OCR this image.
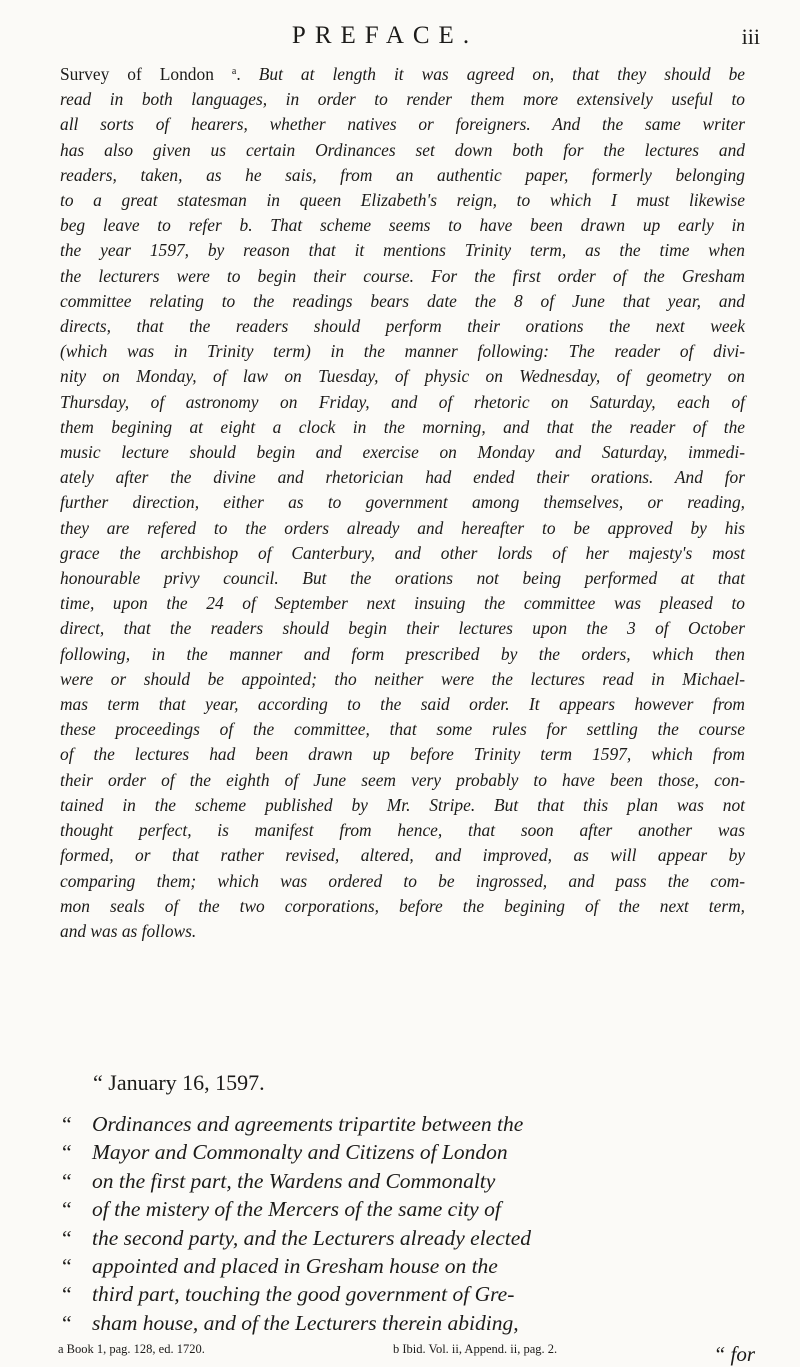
PREFACE.	iii
Survey of London $^a$. But at length it was agreed on, that they should be
read in both languages, in order to render them more extensively useful to
all sorts of hearers, whether natives or foreigners. And the same writer
has also given us certain Ordinances set down both for the lectures and
readers, taken, as he sais, from an authentic paper, formerly belonging
to a great statesman in queen Elizabeth's reign, to which I must likewise
beg leave to refer b. That scheme seems to have been drawn up early in
the year 1597, by reason that it mentions Trinity term, as the time when
the lecturers were to begin their course. For the first order of the Gresham
committee relating to the readings bears date the 8 of June that year, and
directs, that the readers should perform their orations the next week
(which was in Trinity term) in the manner following: The reader of divi-
nity on Monday, of law on Tuesday, of physic on Wednesday, of geometry on
Thursday, of astronomy on Friday, and of rhetoric on Saturday, each of
them begining at eight a clock in the morning, and that the reader of the
music lecture should begin and exercise on Monday and Saturday, immedi-
ately after the divine and rhetorician had ended their orations. And for
further direction, either as to government among themselves, or reading,
they are refered to the orders already and hereafter to be approved by his
grace the archbishop of Canterbury, and other lords of her majesty's most
honourable privy council. But the orations not being performed at that
time, upon the 24 of September next insuing the committee was pleased to
direct, that the readers should begin their lectures upon the 3 of October
following, in the manner and form prescribed by the orders, which then
were or should be appointed; tho neither were the lectures read in Michael-
mas term that year, according to the said order. It appears however from
these proceedings of the committee, that some rules for settling the course
of the lectures had been drawn up before Trinity term 1597, which from
their order of the eighth of June seem very probably to have been those, con-
tained in the scheme published by Mr. Stripe. But that this plan was not
thought perfect, is manifest from hence, that soon after another was
formed, or that rather revised, altered, and improved, as will appear by
comparing them; which was ordered to be ingrossed, and pass the com-
mon seals of the two corporations, before the begining of the next term,
and was as follows.
“ January 16, 1597.
“ Ordinances and agreements tripartite between the
“ Mayor and Commonalty and Citizens of London
“ on the first part, the Wardens and Commonalty
“ of the mistery of the Mercers of the same city of
“ the second party, and the Lecturers already elected
“ appointed and placed in Gresham house on the
“ third part, touching the good government of Gre-
“ sham house, and of the Lecturers therein abiding,
a Book 1, pag. 128, ed. 1720.	b Ibid. Vol. ii, Append. ii, pag. 2.	“ for
